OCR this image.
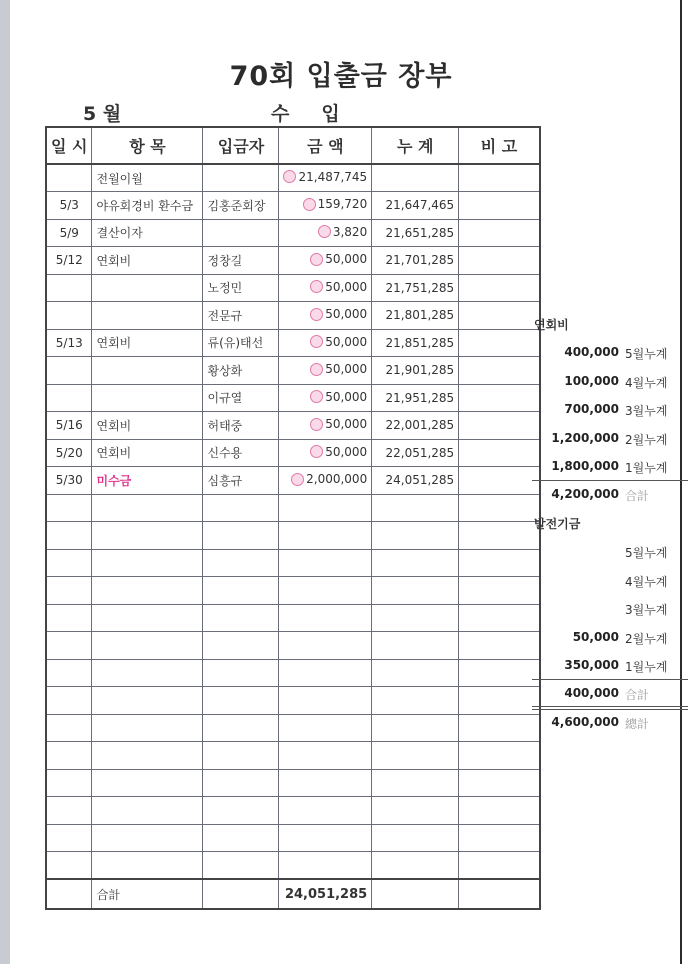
70회 입출금 장부
5 월	수 입
일 시	항 목	입금자	금 액	누 계	비 고
	전월이월		21,487,745		

5/3	야유회경비 환수금	김홍준회장	159,720	21,647,465	
5/9	결산이자		3,820	21,651,285	
5/12	연회비	정창길	50,000	21,701,285	
		노정민	50,000	21,751,285	
		전문규	50,000	21,801,285	
5/13	연회비	류(유)태선	50,000	21,851,285	
		황상화	50,000	21,901,285	
		이규열	50,000	21,951,285	
5/16	연회비	허태중	50,000	22,001,285	
5/20	연회비	신수용	50,000	22,051,285	
5/30	미수금	심흥규	2,000,000	24,051,285	

	合計		24,051,285		
연회비
400,000 5월누계
100,000 4월누계
700,000 3월누계
1,200,000 2월누계
1,800,000 1월누계
4,200,000 合計
발전기금
5월누계
4월누계
3월누계
50,000 2월누계
350,000 1월누계
400,000 合計
4,600,000 總計
